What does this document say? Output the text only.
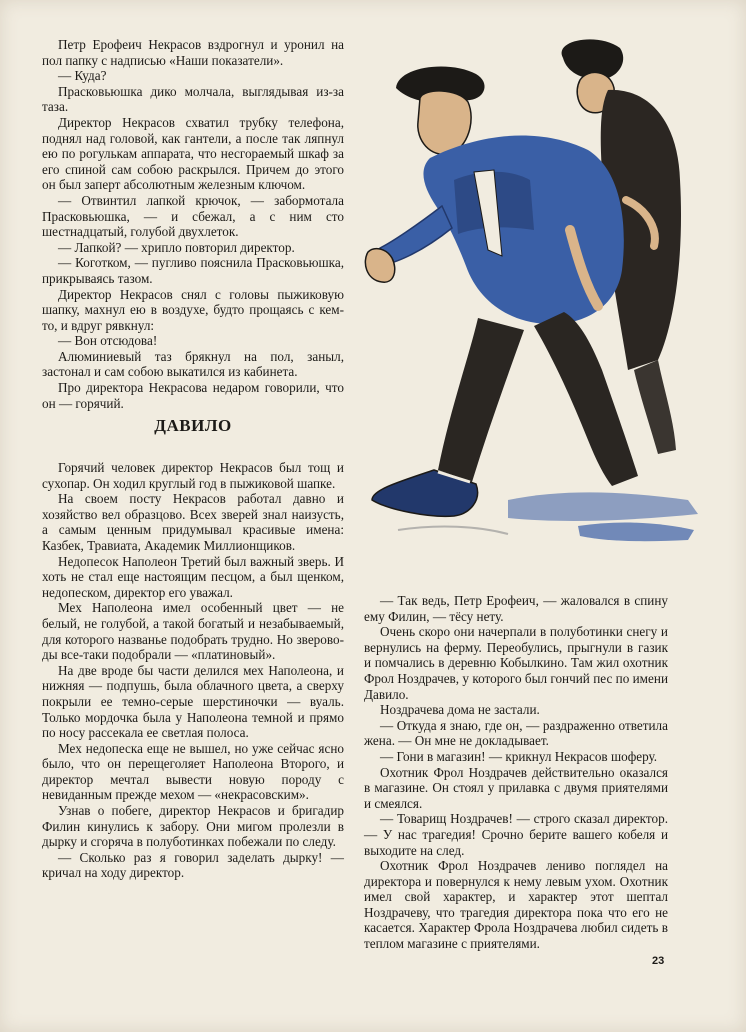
Петр Ерофеич Некрасов вздрогнул и уронил на пол папку с надписью «Наши показатели».

— Куда?

Прасковьюшка дико молчала, выглядывая из-за таза.

Директор Некрасов схватил трубку телефона, поднял над головой, как гантели, а после так ляпнул ею по рогулькам аппарата, что несгораемый шкаф за его спиной сам собою раскрылся. Причем до этого он был заперт абсолютным железным ключом.

— Отвинтил лапкой крючок, — забормотала Прасковьюшка, — и сбежал, а с ним сто шестнадцатый, голубой двухлеток.

— Лапкой? — хрипло повторил директор.

— Коготком, — пугливо пояснила Прасковьюшка, прикрываясь тазом.

Директор Некрасов снял с головы пыжиковую шапку, махнул ею в воздухе, будто прощаясь с кем-то, и вдруг рявкнул:

— Вон отсюдова!

Алюминиевый таз брякнул на пол, заныл, застонал и сам собою выкатился из кабинета.

Про директора Некрасова недаром говорили, что он — горячий.

ДАВИЛО

Горячий человек директор Некрасов был тощ и сухопар. Он ходил круглый год в пыжиковой шапке.

На своем посту Некрасов работал давно и хозяйство вел образцово. Всех зверей знал наизусть, а самым ценным придумывал красивые имена: Казбек, Травиата, Академик Миллионщиков.

Недопесок Наполеон Третий был важный зверь. И хоть не стал еще настоящим песцом, а был щенком, недопеском, директор его уважал.

Мех Наполеона имел особенный цвет — не белый, не голубой, а такой богатый и незабываемый, для которого названье подобрать трудно. Но звероводы все-таки подобрали — «платиновый».

На две вроде бы части делился мех Наполеона, и нижняя — подпушь, была облачного цвета, а сверху покрыли ее темно-серые шерстиночки — вуаль. Только мордочка была у Наполеона темной и прямо по носу рассекала ее светлая полоса.

Мех недопеска еще не вышел, но уже сейчас ясно было, что он перещеголяет Наполеона Второго, и директор мечтал вывести новую породу с невиданным прежде мехом — «некрасовским».

Узнав о побеге, директор Некрасов и бригадир Филин кинулись к забору. Они мигом пролезли в дырку и сгоряча в полуботинках побежали по следу.

— Сколько раз я говорил заделать дырку! — кричал на ходу директор.

— Так ведь, Петр Ерофеич, — жаловался в спину ему Филин, — тёсу нету.

Очень скоро они начерпали в полуботинки снегу и вернулись на ферму. Переобулись, прыгнули в газик и помчались в деревню Кобылкино. Там жил охотник Фрол Ноздрачев, у которого был гончий пес по имени Давило.

Ноздрачева дома не застали.

— Откуда я знаю, где он, — раздраженно ответила жена. — Он мне не докладывает.

— Гони в магазин! — крикнул Некрасов шоферу.

Охотник Фрол Ноздрачев действительно оказался в магазине. Он стоял у прилавка с двумя приятелями и смеялся.

— Товарищ Ноздрачев! — строго сказал директор. — У нас трагедия! Срочно берите вашего кобеля и выходите на след.

Охотник Фрол Ноздрачев лениво поглядел на директора и повернулся к нему левым ухом. Охотник имел свой характер, и характер этот шептал Ноздрачеву, что трагедия директора пока что его не касается. Характер Фрола Ноздрачева любил сидеть в теплом магазине с приятелями.

23
